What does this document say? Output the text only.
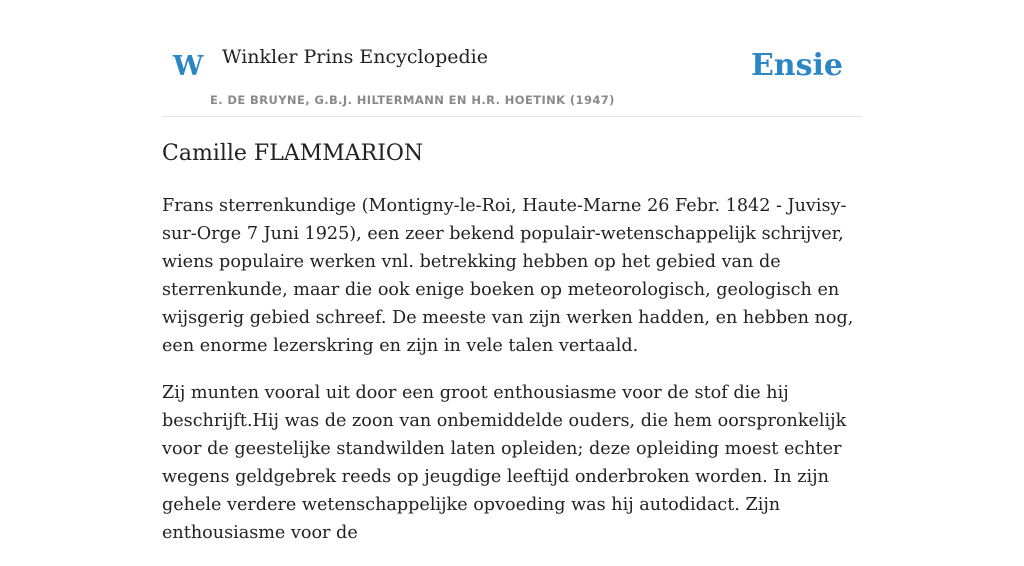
W Winkler Prins Encyclopedie
E. DE BRUYNE, G.B.J. HILTERMANN EN H.R. HOETINK (1947)
Ensie
Camille FLAMMARION

Frans sterrenkundige (Montigny-le-Roi, Haute-Marne 26 Febr. 1842 - Juvisy-sur-Orge 7 Juni 1925), een zeer bekend populair-wetenschappelijk schrijver, wiens populaire werken vnl. betrekking hebben op het gebied van de sterrenkunde, maar die ook enige boeken op meteorologisch, geologisch en wijsgerig gebied schreef. De meeste van zijn werken hadden, en hebben nog, een enorme lezerskring en zijn in vele talen vertaald.

Zij munten vooral uit door een groot enthousiasme voor de stof die hij beschrijft.Hij was de zoon van onbemiddelde ouders, die hem oorspronkelijk voor de geestelijke standwilden laten opleiden; deze opleiding moest echter wegens geldgebrek reeds op jeugdige leeftijd onderbroken worden. In zijn gehele verdere wetenschappelijke opvoeding was hij autodidact. Zijn enthousiasme voor de
